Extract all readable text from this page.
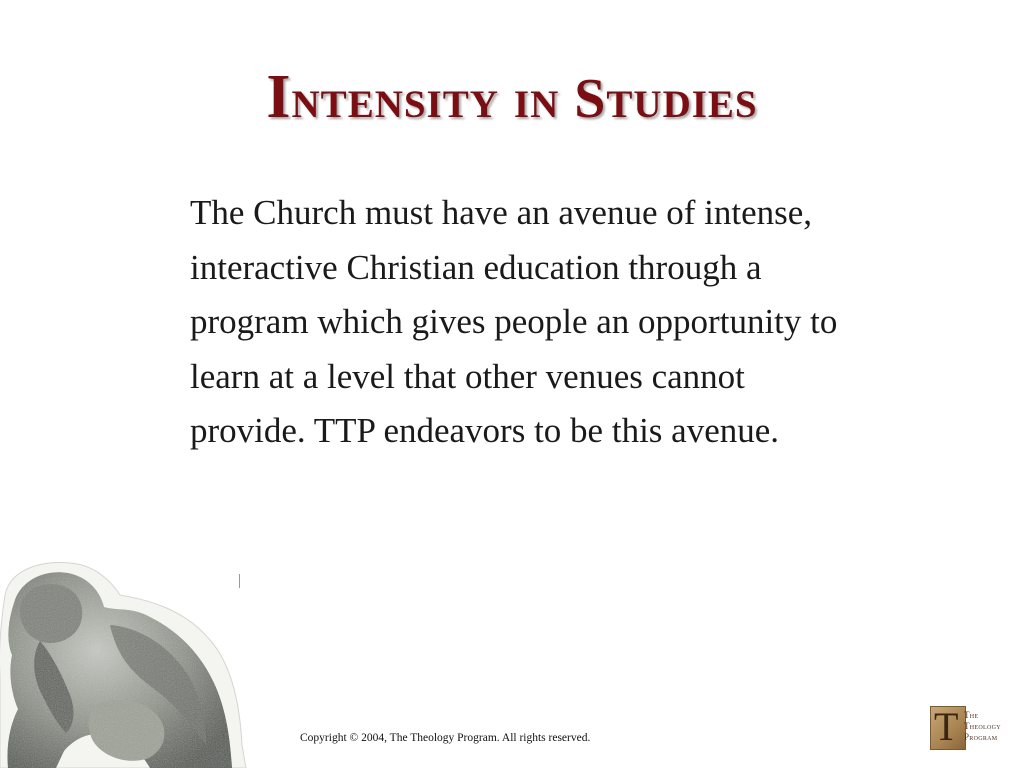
Intensity in Studies

The Church must have an avenue of intense,
interactive Christian education through a
program which gives people an opportunity to
learn at a level that other venues cannot
provide. TTP endeavors to be this avenue.

Copyright © 2004, The Theology Program. All rights reserved.	T The
Theology
Program
